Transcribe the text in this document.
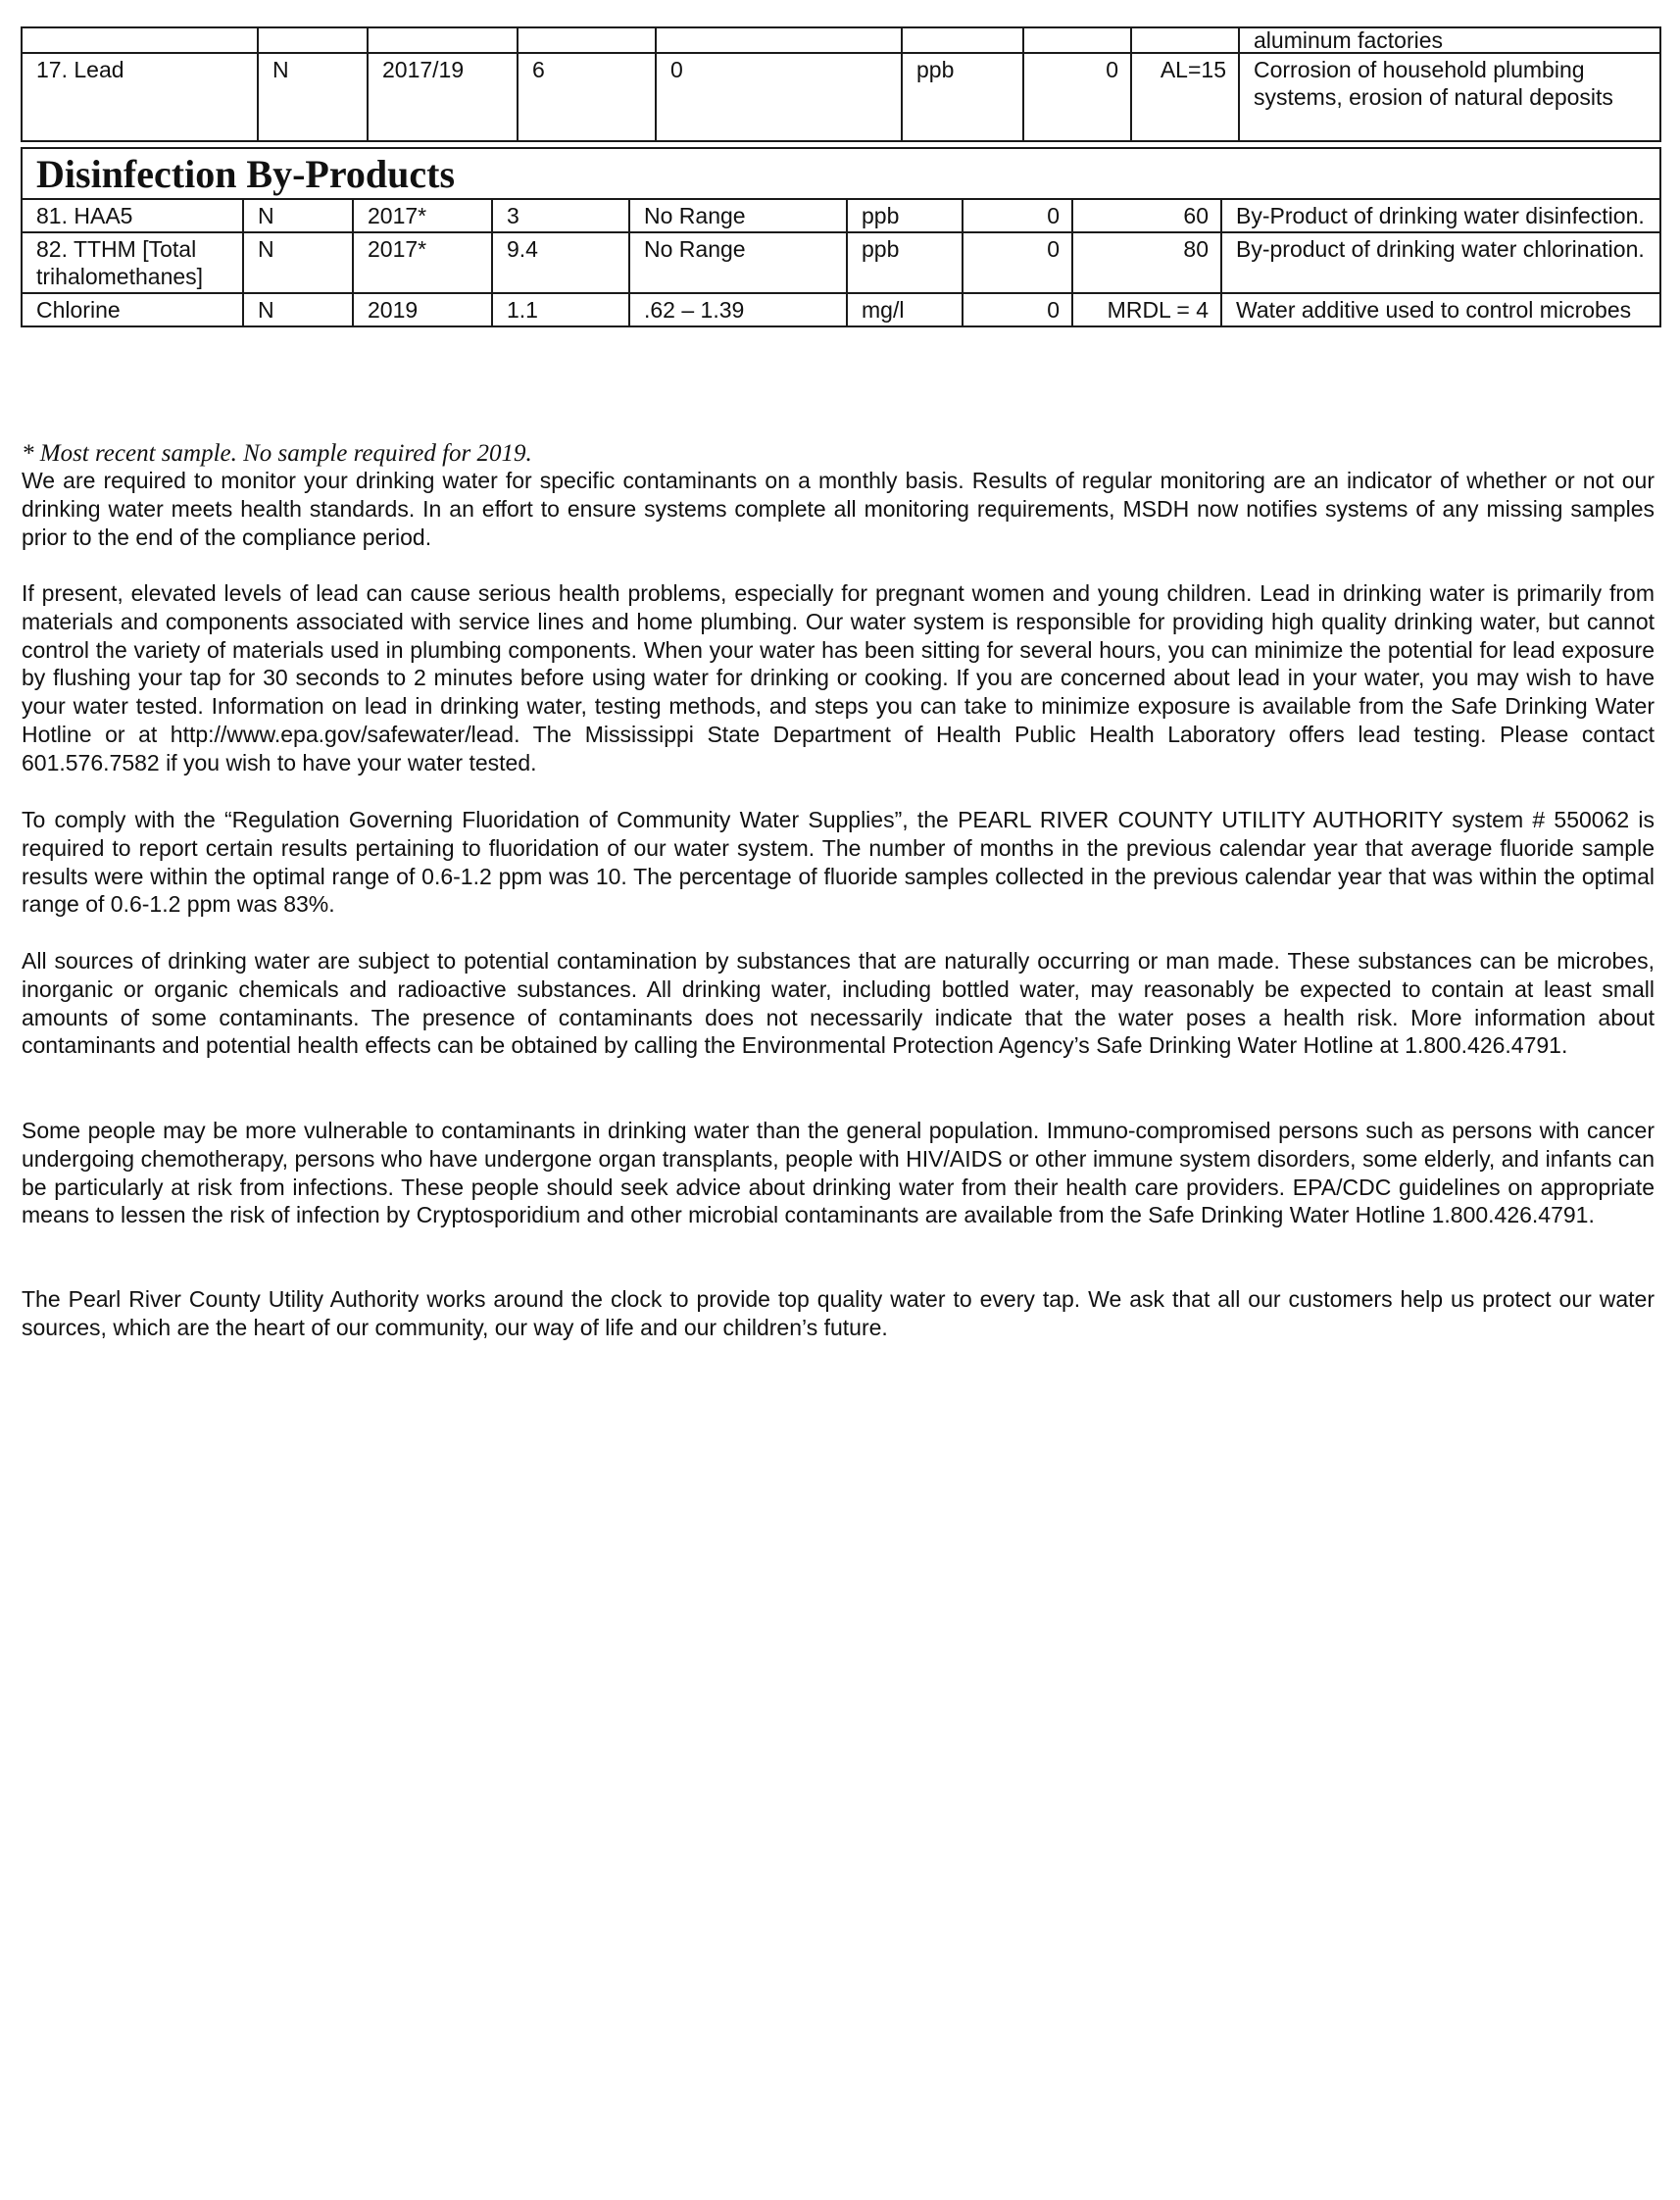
								aluminum factories
17. Lead	N	2017/19	6	0	ppb	0	AL=15	Corrosion of household plumbing systems, erosion of natural deposits
Disinfection By-Products								
81. HAA5	N	2017*	3	No Range	ppb	0	60	By-Product of drinking water disinfection.
82. TTHM [Total trihalomethanes]	N	2017*	9.4	No Range	ppb	0	80	By-product of drinking water chlorination.
Chlorine	N	2019	1.1	.62 – 1.39	mg/l	0	MRDL = 4	Water additive used to control microbes
* Most recent sample. No sample required for 2019.

We are required to monitor your drinking water for specific contaminants on a monthly basis. Results of regular monitoring are an indicator of whether or not our drinking water meets health standards. In an effort to ensure systems complete all monitoring requirements, MSDH now notifies systems of any missing samples prior to the end of the compliance period.

If present, elevated levels of lead can cause serious health problems, especially for pregnant women and young children. Lead in drinking water is primarily from materials and components associated with service lines and home plumbing. Our water system is responsible for providing high quality drinking water, but cannot control the variety of materials used in plumbing components. When your water has been sitting for several hours, you can minimize the potential for lead exposure by flushing your tap for 30 seconds to 2 minutes before using water for drinking or cooking. If you are concerned about lead in your water, you may wish to have your water tested. Information on lead in drinking water, testing methods, and steps you can take to minimize exposure is available from the Safe Drinking Water Hotline or at http://www.epa.gov/safewater/lead. The Mississippi State Department of Health Public Health Laboratory offers lead testing. Please contact 601.576.7582 if you wish to have your water tested.

To comply with the “Regulation Governing Fluoridation of Community Water Supplies”, the PEARL RIVER COUNTY UTILITY AUTHORITY system # 550062 is required to report certain results pertaining to fluoridation of our water system. The number of months in the previous calendar year that average fluoride sample results were within the optimal range of 0.6-1.2 ppm was 10. The percentage of fluoride samples collected in the previous calendar year that was within the optimal range of 0.6-1.2 ppm was 83%.

All sources of drinking water are subject to potential contamination by substances that are naturally occurring or man made. These substances can be microbes, inorganic or organic chemicals and radioactive substances. All drinking water, including bottled water, may reasonably be expected to contain at least small amounts of some contaminants. The presence of contaminants does not necessarily indicate that the water poses a health risk. More information about contaminants and potential health effects can be obtained by calling the Environmental Protection Agency’s Safe Drinking Water Hotline at 1.800.426.4791.

Some people may be more vulnerable to contaminants in drinking water than the general population. Immuno-compromised persons such as persons with cancer undergoing chemotherapy, persons who have undergone organ transplants, people with HIV/AIDS or other immune system disorders, some elderly, and infants can be particularly at risk from infections. These people should seek advice about drinking water from their health care providers. EPA/CDC guidelines on appropriate means to lessen the risk of infection by Cryptosporidium and other microbial contaminants are available from the Safe Drinking Water Hotline 1.800.426.4791.

The Pearl River County Utility Authority works around the clock to provide top quality water to every tap. We ask that all our customers help us protect our water sources, which are the heart of our community, our way of life and our children’s future.
